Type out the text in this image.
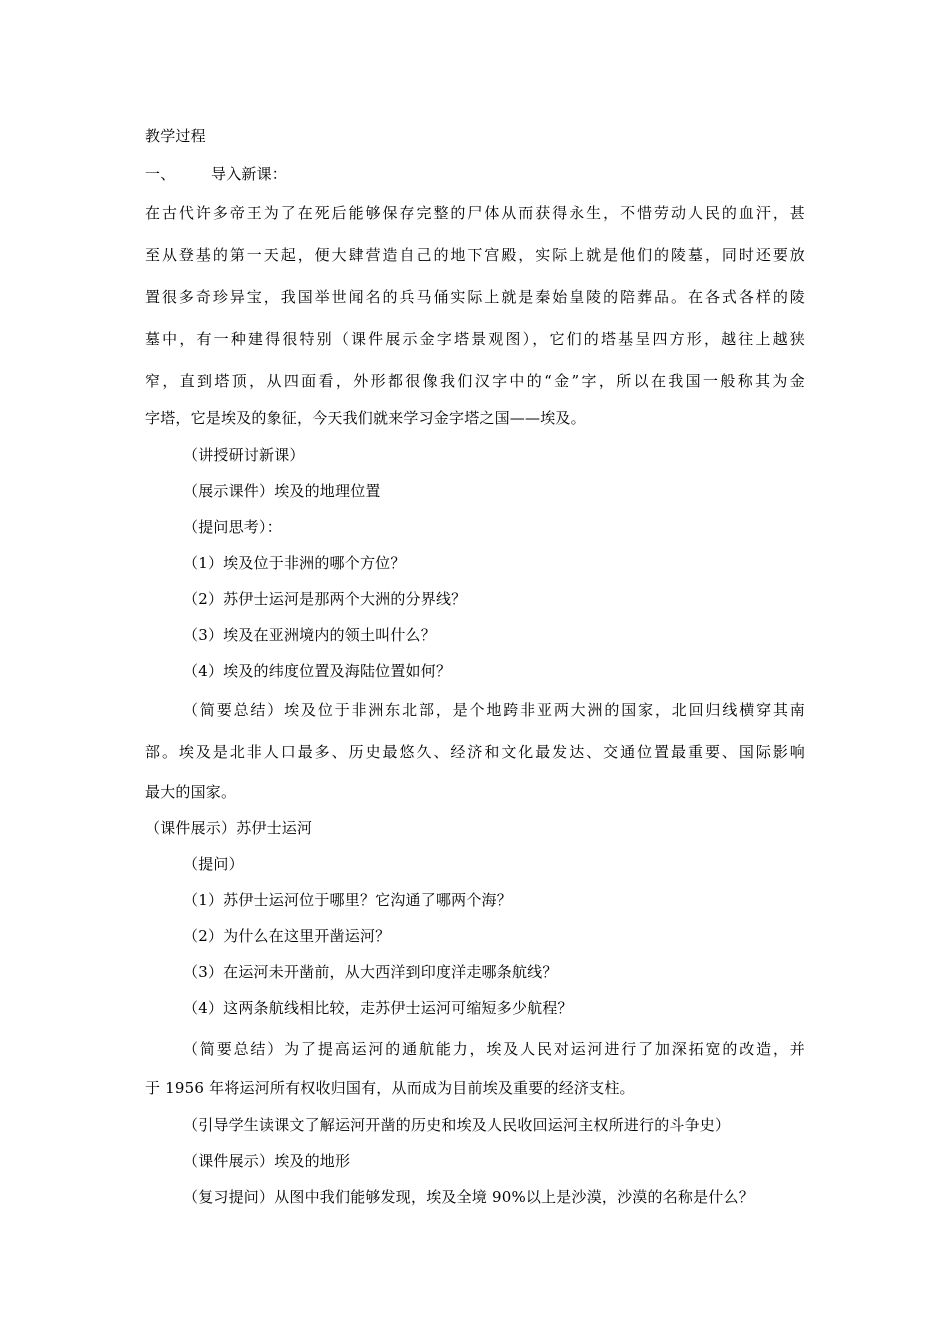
教学过程
一、 导入新课：
在古代许多帝王为了在死后能够保存完整的尸体从而获得永生，不惜劳动人民的血汗，甚
至从登基的第一天起，便大肆营造自己的地下宫殿，实际上就是他们的陵墓，同时还要放
置很多奇珍异宝，我国举世闻名的兵马俑实际上就是秦始皇陵的陪葬品。在各式各样的陵
墓中，有一种建得很特别（课件展示金字塔景观图），它们的塔基呈四方形，越往上越狭
窄，直到塔顶，从四面看，外形都很像我们汉字中的“金”字，所以在我国一般称其为金
字塔，它是埃及的象征，今天我们就来学习金字塔之国——埃及。
（讲授研讨新课）
（展示课件）埃及的地理位置
（提问思考）：
（1）埃及位于非洲的哪个方位？
（2）苏伊士运河是那两个大洲的分界线？
（3）埃及在亚洲境内的领土叫什么？
（4）埃及的纬度位置及海陆位置如何？
（简要总结）埃及位于非洲东北部，是个地跨非亚两大洲的国家，北回归线横穿其南
部。埃及是北非人口最多、历史最悠久、经济和文化最发达、交通位置最重要、国际影响
最大的国家。
（课件展示）苏伊士运河
（提问）
（1）苏伊士运河位于哪里？它沟通了哪两个海？
（2）为什么在这里开凿运河？
（3）在运河未开凿前，从大西洋到印度洋走哪条航线？
（4）这两条航线相比较，走苏伊士运河可缩短多少航程？
（简要总结）为了提高运河的通航能力，埃及人民对运河进行了加深拓宽的改造，并
于 1956 年将运河所有权收归国有，从而成为目前埃及重要的经济支柱。
（引导学生读课文了解运河开凿的历史和埃及人民收回运河主权所进行的斗争史）
（课件展示）埃及的地形
（复习提问）从图中我们能够发现，埃及全境 90%以上是沙漠，沙漠的名称是什么？
